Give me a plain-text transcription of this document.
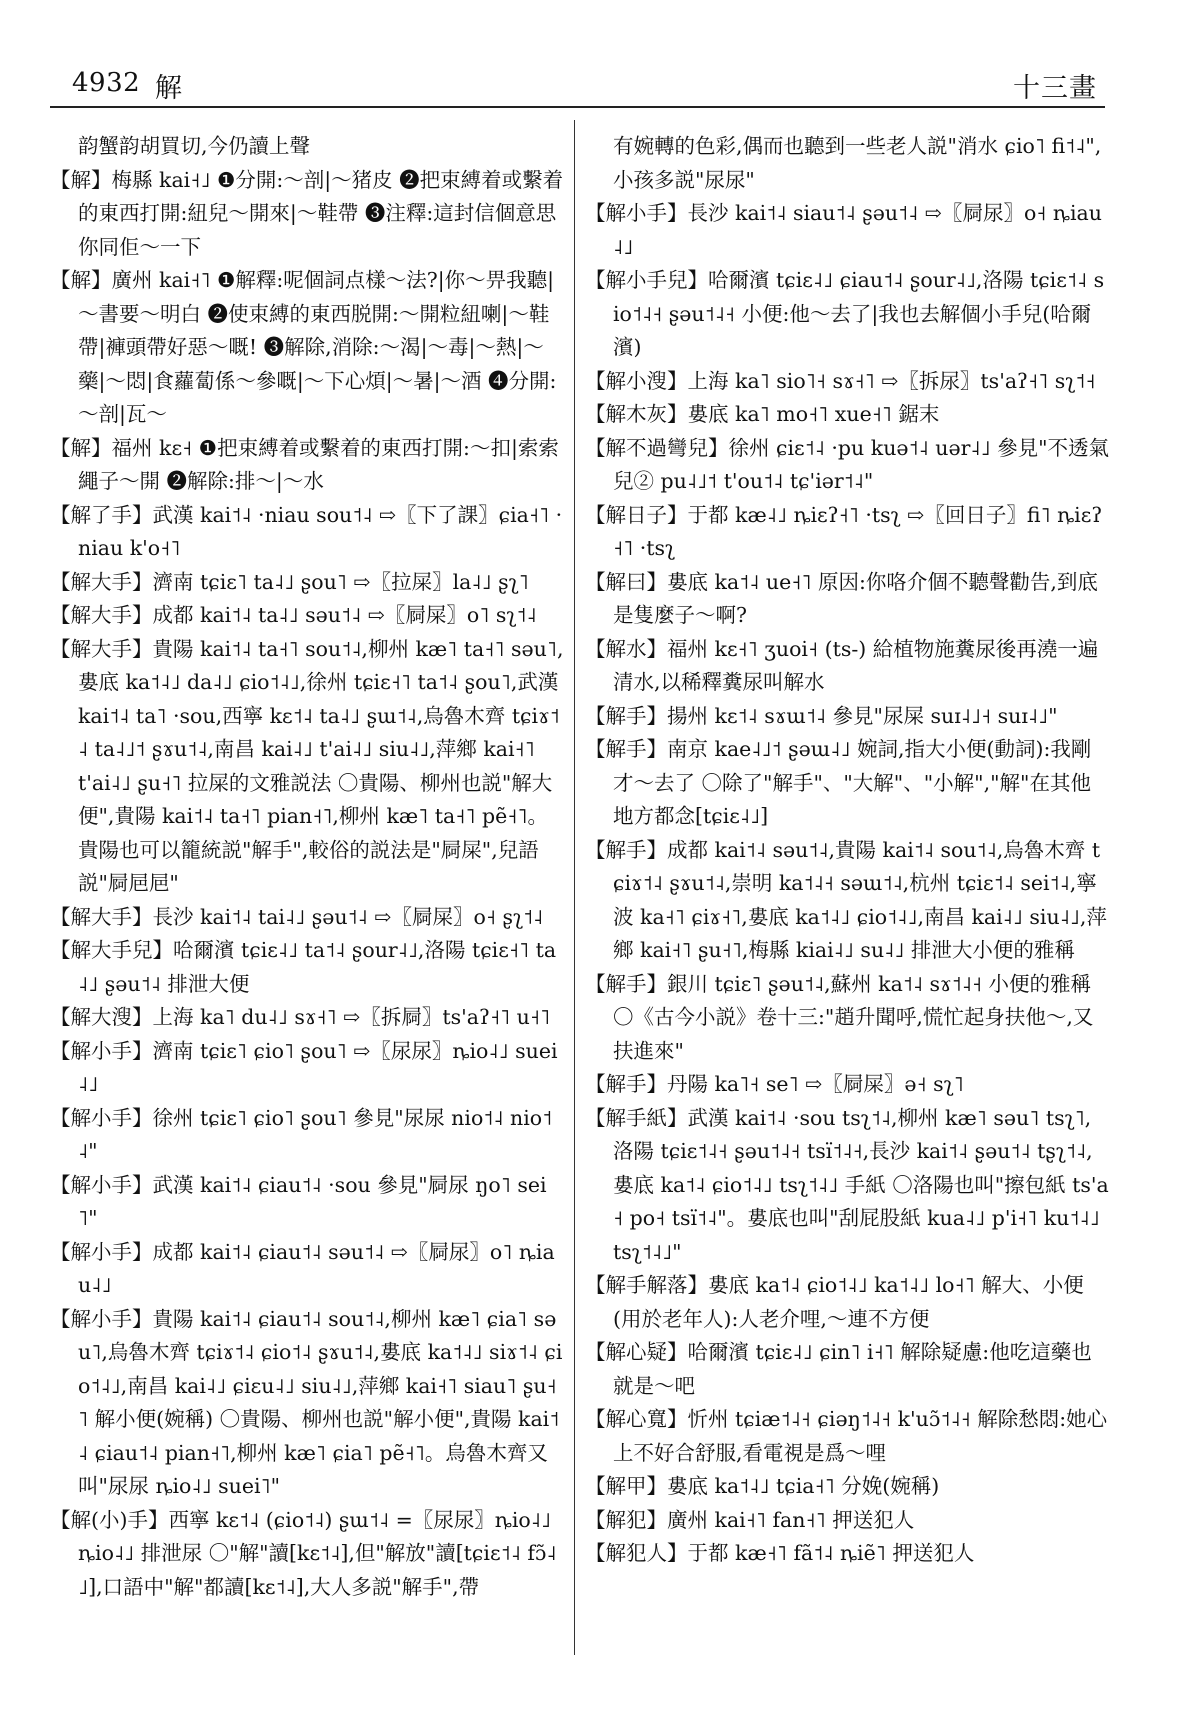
4932 解	十三畫
韵蟹韵胡買切,今仍讀上聲
【解】梅縣 kai˧˩ ❶分開:～剖|～猪皮 ❷把束縛着或繫着的東西打開:紐兒～開來|～鞋帶 ❸注釋:這封信個意思你同佢～一下
【解】廣州 kai˧˥ ❶解釋:呢個詞点樣～法?|你～畀我聽|～書要～明白 ❷使束縛的東西脱開:～開粒紐喇|～鞋帶|褲頭帶好惡～嘅! ❸解除,消除:～渴|～毒|～熱|～藥|～悶|食蘿蔔係～參嘅|～下心煩|～暑|～酒 ❹分開:～剖|瓦～
【解】福州 kɛ˧ ❶把束縛着或繫着的東西打開:～扣|索索繩子～開 ❷解除:排～|～水
【解了手】武漢 kai˦˨ ·niau sou˦˨ ⇨〖下了課〗ɕia˧˥ ·niau k'o˧˥
【解大手】濟南 tɕiɛ˥ ta˨˩ ʂou˥ ⇨〖拉屎〗la˨˩ ʂʅ˥
【解大手】成都 kai˦˨ ta˨˩ səu˦˨ ⇨〖屙屎〗o˥ sʅ˦˨
【解大手】貴陽 kai˦˨ ta˧˥ sou˦˨,柳州 kæ˥ ta˧˥ səu˥,婁底 ka˦˨˩ da˨˩ ɕio˦˨˩,徐州 tɕiɛ˧˥ ta˦˨ ʂou˥,武漢 kai˦˨ ta˥ ·sou,西寧 kɛ˦˨ ta˨˩ ʂɯ˦˨,烏魯木齊 tɕiɤ˦˨ ta˨˩˦ ʂɤu˦˨,南昌 kai˨˩ t'ai˨˩ siu˨˩,萍鄉 kai˧˥ t'ai˨˩ ʂu˧˥ 拉屎的文雅説法 〇貴陽、柳州也説"解大便",貴陽 kai˦˨ ta˧˥ pian˧˥,柳州 kæ˥ ta˧˥ pẽ˧˥。貴陽也可以籠統説"解手",較俗的説法是"屙屎",兒語説"屙㞎㞎"
【解大手】長沙 kai˦˨ tai˨˩ ʂəu˦˨ ⇨〖屙屎〗o˧ ʂʅ˦˨
【解大手兒】哈爾濱 tɕiɛ˨˩ ta˦˨ ʂour˨˩,洛陽 tɕiɛ˧˥ ta˨˩ ʂəu˦˨ 排泄大便
【解大溲】上海 ka˥ du˨˩ sɤ˧˥ ⇨〖拆屙〗ts'aʔ˧˥ u˧˥
【解小手】濟南 tɕiɛ˥ ɕio˥ ʂou˥ ⇨〖尿尿〗ȵio˨˩ suei˨˩
【解小手】徐州 tɕiɛ˥ ɕio˥ ʂou˥ 參見"尿尿 nio˦˨ nio˦˨"
【解小手】武漢 kai˦˨ ɕiau˦˨ ·sou 參見"屙尿 ŋo˥ sei˥"
【解小手】成都 kai˦˨ ɕiau˦˨ səu˦˨ ⇨〖屙尿〗o˥ ȵiau˨˩
【解小手】貴陽 kai˦˨ ɕiau˦˨ sou˦˨,柳州 kæ˥ ɕia˥ səu˥,烏魯木齊 tɕiɤ˦˨ ɕio˦˨ ʂɤu˦˨,婁底 ka˦˨˩ siɤ˦˨ ɕio˦˨˩,南昌 kai˨˩ ɕiɛu˨˩ siu˨˩,萍鄉 kai˧˥ siau˥ ʂu˧˥ 解小便(婉稱) 〇貴陽、柳州也説"解小便",貴陽 kai˦˨ ɕiau˦˨ pian˧˥,柳州 kæ˥ ɕia˥ pẽ˧˥。烏魯木齊又叫"尿尿 ȵio˨˩ suei˥"
【解(小)手】西寧 kɛ˦˨ (ɕio˦˨) ʂɯ˦˨ =〖尿尿〗ȵio˨˩ ȵio˨˩ 排泄尿 〇"解"讀[kɛ˦˨],但"解放"讀[tɕiɛ˦˨ fɔ̃˨˩],口語中"解"都讀[kɛ˦˨],大人多説"解手",帶
有婉轉的色彩,偶而也聽到一些老人説"消水 ɕio˥ fi˦˨",小孩多説"尿尿"
【解小手】長沙 kai˦˨ siau˦˨ ʂəu˦˨ ⇨〖屙尿〗o˧ ȵiau˨˩
【解小手兒】哈爾濱 tɕiɛ˨˩ ɕiau˦˨ ʂour˨˩,洛陽 tɕiɛ˦˨ sio˦˨˧ ʂəu˦˨˧ 小便:他～去了|我也去解個小手兒(哈爾濱)
【解小溲】上海 ka˥ sio˥˧ sɤ˧˥ ⇨〖拆尿〗ts'aʔ˧˥ sʅ˦˧
【解木灰】婁底 ka˥ mo˧˥ xue˧˥ 鋸末
【解不過彎兒】徐州 ɕiɛ˦˨ ·pu kuə˦˨ uər˨˩ 參見"不透氣兒② pu˨˩˦ t'ou˦˨ tɕ'iər˦˨"
【解日子】于都 kæ˨˩ ȵiɛʔ˧˥ ·tsʅ ⇨〖回日子〗fi˥ ȵiɛʔ˧˥ ·tsʅ
【解曰】婁底 ka˦˨ ue˧˥ 原因:你咯介個不聽聲勸告,到底是隻麼子～啊?
【解水】福州 kɛ˧˥ ʒuoi˧ (ts-) 給植物施糞尿後再澆一遍清水,以稀釋糞尿叫解水
【解手】揚州 kɛ˦˨ sɤɯ˦˨ 參見"尿屎 suɪ˨˩˧ suɪ˨˩"
【解手】南京 kae˨˩˦ ʂəɯ˨˩ 婉詞,指大小便(動詞):我剛才～去了 〇除了"解手"、"大解"、"小解","解"在其他地方都念[tɕiɛ˨˩]
【解手】成都 kai˦˨ səu˦˨,貴陽 kai˦˨ sou˦˨,烏魯木齊 tɕiɤ˦˨ ʂɤu˦˨,崇明 ka˦˨˧ səɯ˦˨,杭州 tɕiɛ˦˨ sei˦˨,寧波 ka˧˥ ɕiɤ˧˥,婁底 ka˦˨˩ ɕio˦˨˩,南昌 kai˨˩ siu˨˩,萍鄉 kai˧˥ ʂu˧˥,梅縣 kiai˨˩ su˨˩ 排泄大小便的雅稱
【解手】銀川 tɕiɛ˥ ʂəu˦˨,蘇州 ka˦˨ sɤ˦˨˧ 小便的雅稱 〇《古今小説》卷十三:"趙升聞呼,慌忙起身扶他～,又扶進來"
【解手】丹陽 ka˥˧ se˥ ⇨〖屙屎〗ə˧ sʅ˥
【解手紙】武漢 kai˦˨ ·sou tsʅ˦˨,柳州 kæ˥ səu˥ tsʅ˥,洛陽 tɕiɛ˦˨˧ ʂəu˦˨˧ tsï˦˨˧,長沙 kai˦˨ ʂəu˦˨ tʂʅ˦˨,婁底 ka˦˨ ɕio˦˨˩ tsʅ˦˨˩ 手紙 〇洛陽也叫"擦包紙 ts'a˧ po˧ tsï˦˨"。婁底也叫"刮屁股紙 kua˨˩ p'i˧˥ ku˦˨˩ tsʅ˦˨˩"
【解手解落】婁底 ka˦˨ ɕio˦˨˩ ka˦˨˩ lo˧˥ 解大、小便(用於老年人):人老介哩,～連不方便
【解心疑】哈爾濱 tɕiɛ˨˩ ɕin˥ i˧˥ 解除疑慮:他吃這藥也就是～吧
【解心寬】忻州 tɕiæ˦˨˧ ɕiəŋ˦˨˧ k'uɔ̃˦˨˧ 解除愁悶:她心上不好合舒服,看電視是爲～哩
【解甲】婁底 ka˦˨˩ tɕia˧˥ 分娩(婉稱)
【解犯】廣州 kai˧˥ fan˧˥ 押送犯人
【解犯人】于都 kæ˧˥ fã˦˨ ȵiẽ˥ 押送犯人
